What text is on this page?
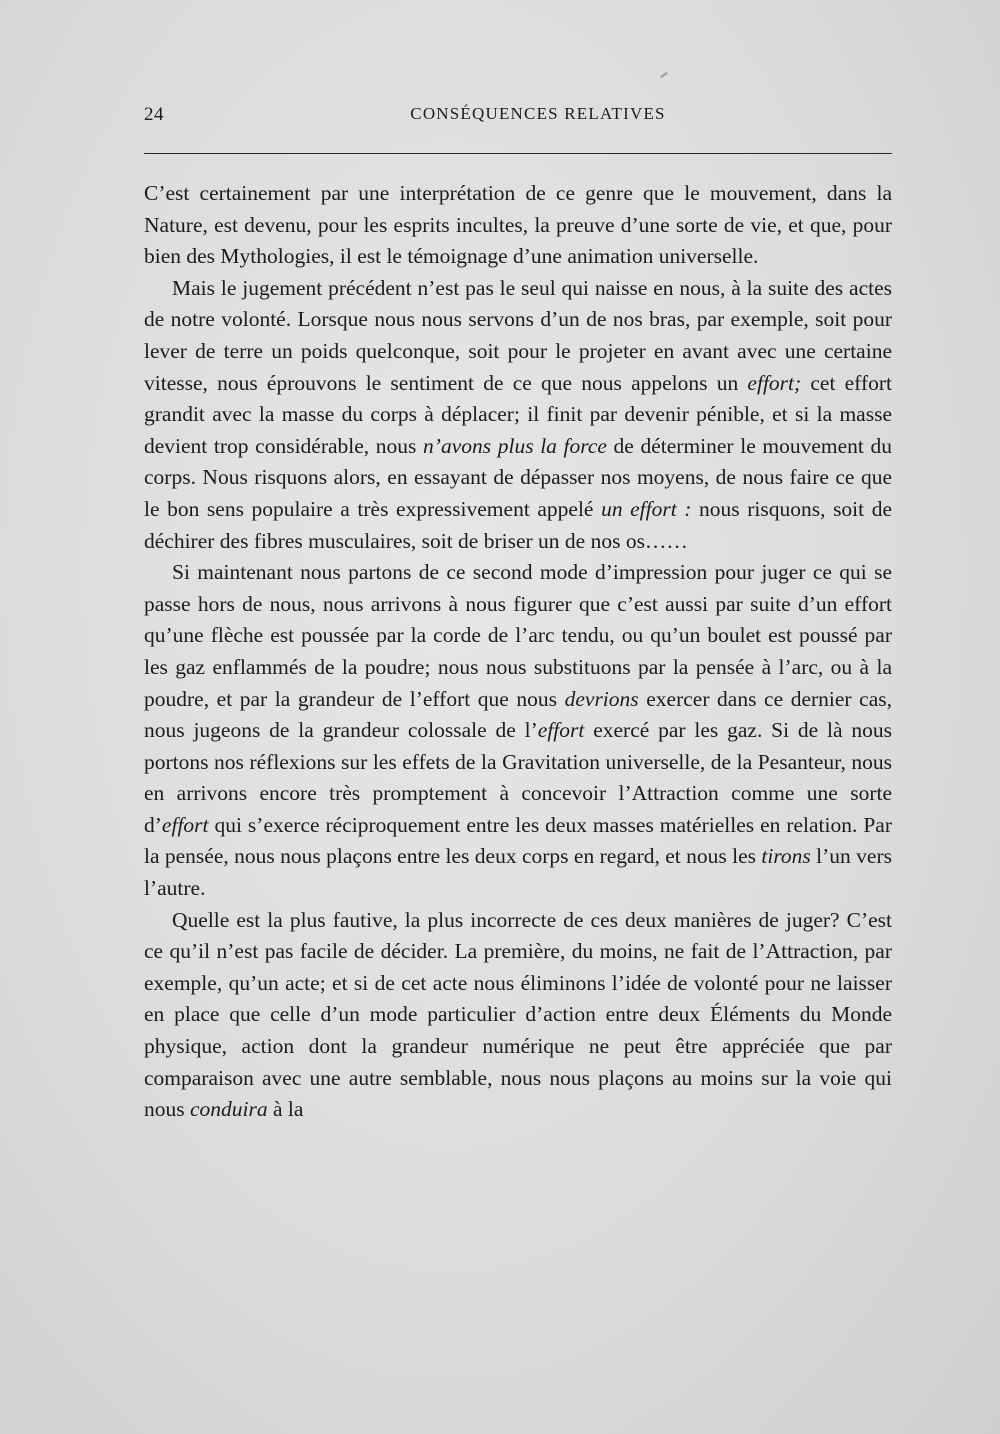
24	CONSÉQUENCES RELATIVES

C’est certainement par une interprétation de ce genre que le mouvement, dans la Nature, est devenu, pour les esprits incultes, la preuve d’une sorte de vie, et que, pour bien des Mythologies, il est le témoignage d’une animation universelle.

Mais le jugement précédent n’est pas le seul qui naisse en nous, à la suite des actes de notre volonté. Lorsque nous nous servons d’un de nos bras, par exemple, soit pour lever de terre un poids quelconque, soit pour le projeter en avant avec une certaine vitesse, nous éprouvons le sentiment de ce que nous appelons un effort; cet effort grandit avec la masse du corps à déplacer; il finit par devenir pénible, et si la masse devient trop considérable, nous n’avons plus la force de déterminer le mouvement du corps. Nous risquons alors, en essayant de dépasser nos moyens, de nous faire ce que le bon sens populaire a très expressivement appelé un effort : nous risquons, soit de déchirer des fibres musculaires, soit de briser un de nos os……

Si maintenant nous partons de ce second mode d’impression pour juger ce qui se passe hors de nous, nous arrivons à nous figurer que c’est aussi par suite d’un effort qu’une flèche est poussée par la corde de l’arc tendu, ou qu’un boulet est poussé par les gaz enflammés de la poudre; nous nous substituons par la pensée à l’arc, ou à la poudre, et par la grandeur de l’effort que nous devrions exercer dans ce dernier cas, nous jugeons de la grandeur colossale de l’effort exercé par les gaz. Si de là nous portons nos réflexions sur les effets de la Gravitation universelle, de la Pesanteur, nous en arrivons encore très promptement à concevoir l’Attraction comme une sorte d’effort qui s’exerce réciproquement entre les deux masses matérielles en relation. Par la pensée, nous nous plaçons entre les deux corps en regard, et nous les tirons l’un vers l’autre.

Quelle est la plus fautive, la plus incorrecte de ces deux manières de juger? C’est ce qu’il n’est pas facile de décider. La première, du moins, ne fait de l’Attraction, par exemple, qu’un acte; et si de cet acte nous éliminons l’idée de volonté pour ne laisser en place que celle d’un mode particulier d’action entre deux Éléments du Monde physique, action dont la grandeur numérique ne peut être appréciée que par comparaison avec une autre semblable, nous nous plaçons au moins sur la voie qui nous conduira à la
